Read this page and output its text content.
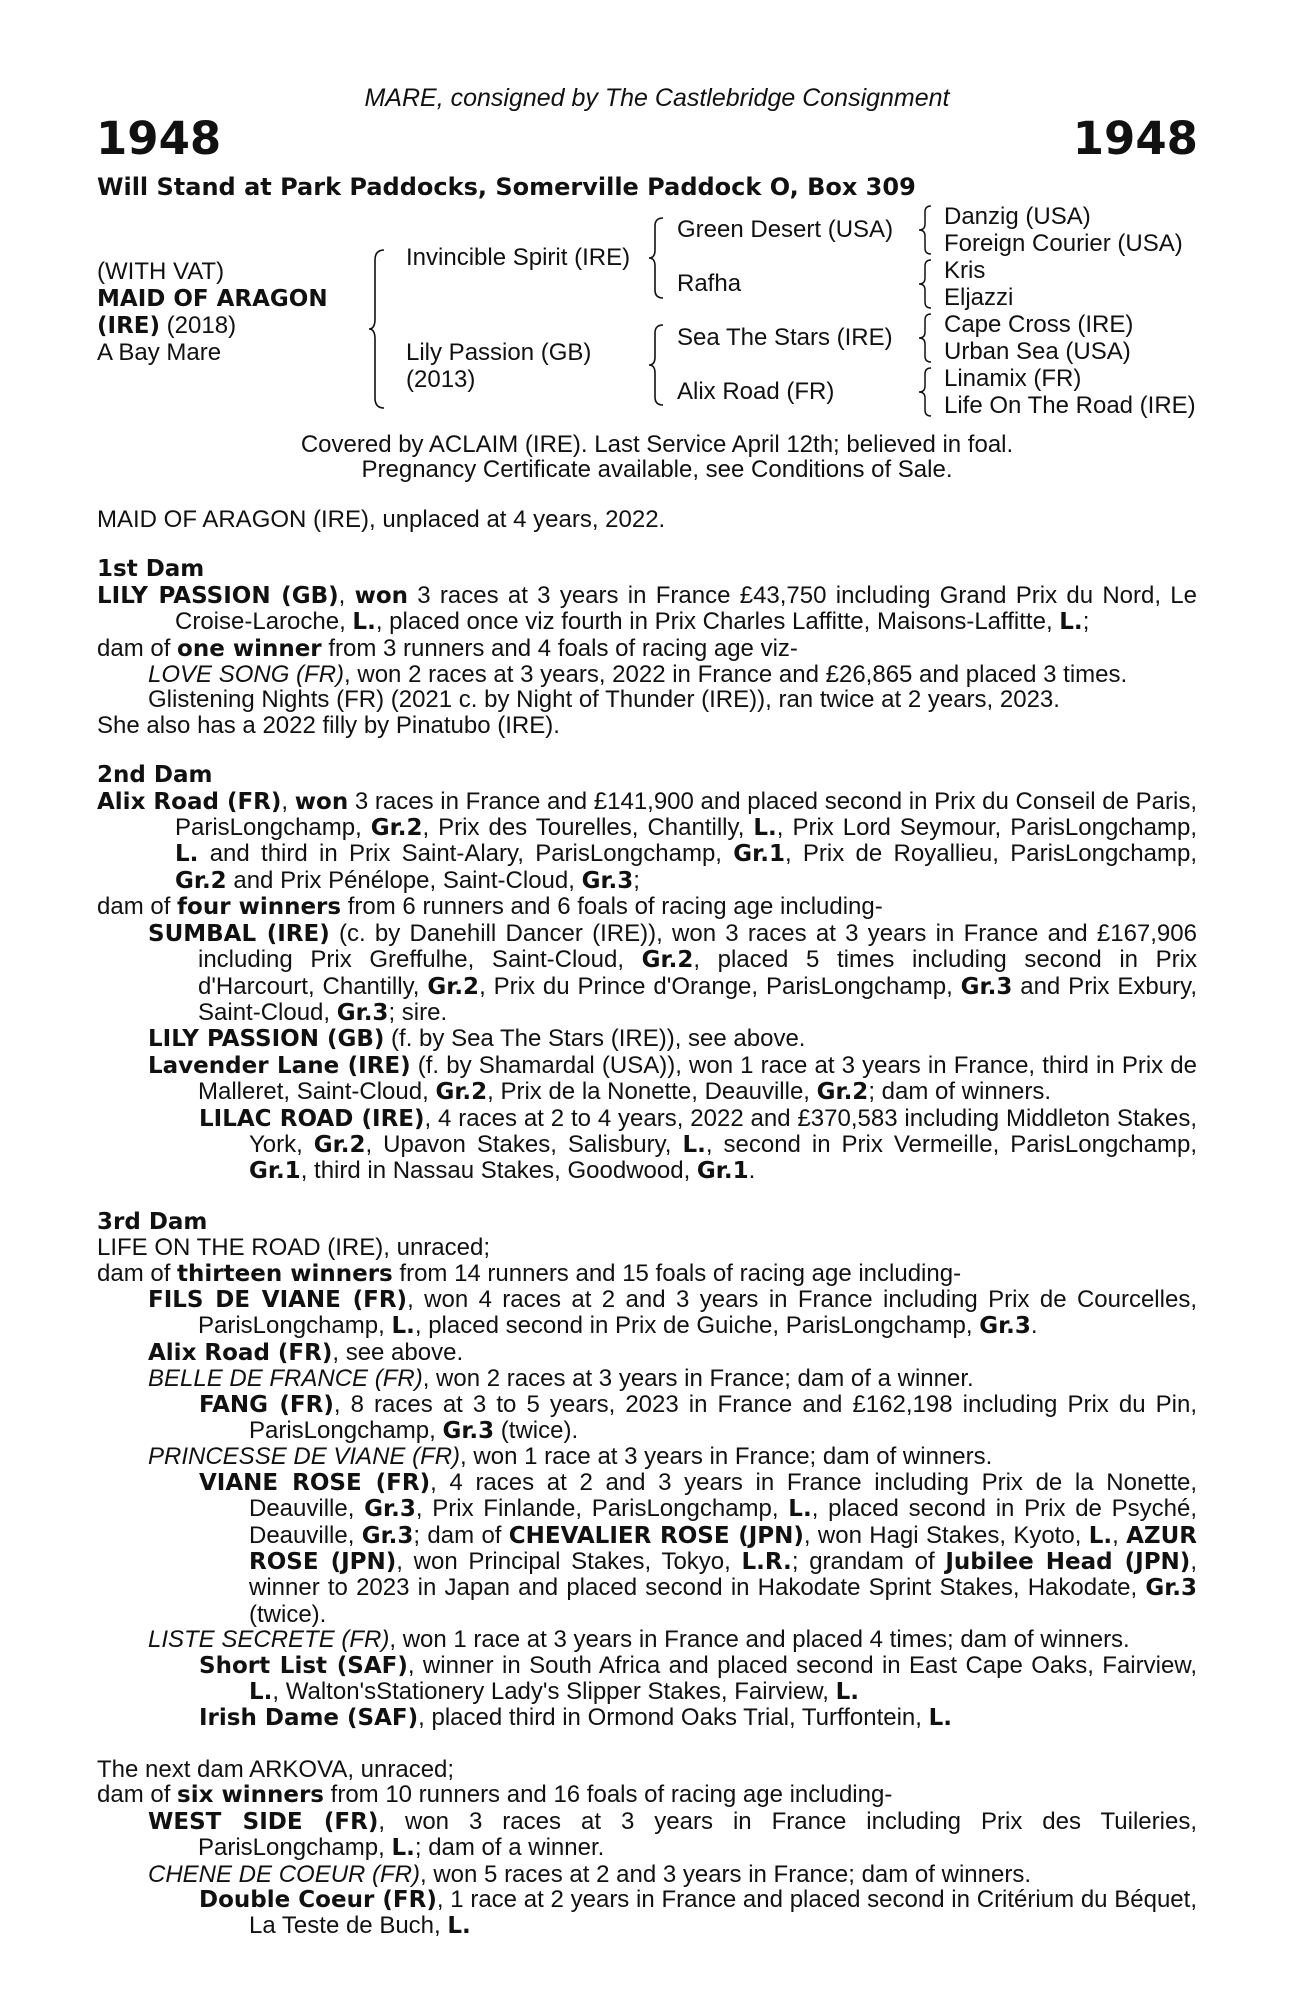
MARE, consigned by The Castlebridge Consignment
1948	1948
Will Stand at Park Paddocks, Somerville Paddock O, Box 309
(WITH VAT)
MAID OF ARAGON
(IRE) (2018)
A Bay Mare
Invincible Spirit (IRE)
Lily Passion (GB)
(2013)
Green Desert (USA)
Rafha
Sea The Stars (IRE)
Alix Road (FR)
Danzig (USA)
Foreign Courier (USA)
Kris
Eljazzi
Cape Cross (IRE)
Urban Sea (USA)
Linamix (FR)
Life On The Road (IRE)
Covered by ACLAIM (IRE). Last Service April 12th; believed in foal.
Pregnancy Certificate available, see Conditions of Sale.
MAID OF ARAGON (IRE), unplaced at 4 years, 2022.
1st Dam
LILY PASSION (GB), won 3 races at 3 years in France £43,750 including Grand Prix du Nord, Le Croise-Laroche, L., placed once viz fourth in Prix Charles Laffitte, Maisons-Laffitte, L.;
dam of one winner from 3 runners and 4 foals of racing age viz-
LOVE SONG (FR), won 2 races at 3 years, 2022 in France and £26,865 and placed 3 times.
Glistening Nights (FR) (2021 c. by Night of Thunder (IRE)), ran twice at 2 years, 2023.
She also has a 2022 filly by Pinatubo (IRE).
2nd Dam
Alix Road (FR), won 3 races in France and £141,900 and placed second in Prix du Conseil de Paris, ParisLongchamp, Gr.2, Prix des Tourelles, Chantilly, L., Prix Lord Seymour, ParisLongchamp, L. and third in Prix Saint-Alary, ParisLongchamp, Gr.1, Prix de Royallieu, ParisLongchamp, Gr.2 and Prix Pénélope, Saint-Cloud, Gr.3;
dam of four winners from 6 runners and 6 foals of racing age including-
SUMBAL (IRE) (c. by Danehill Dancer (IRE)), won 3 races at 3 years in France and £167,906 including Prix Greffulhe, Saint-Cloud, Gr.2, placed 5 times including second in Prix d'Harcourt, Chantilly, Gr.2, Prix du Prince d'Orange, ParisLongchamp, Gr.3 and Prix Exbury, Saint-Cloud, Gr.3; sire.
LILY PASSION (GB) (f. by Sea The Stars (IRE)), see above.
Lavender Lane (IRE) (f. by Shamardal (USA)), won 1 race at 3 years in France, third in Prix de Malleret, Saint-Cloud, Gr.2, Prix de la Nonette, Deauville, Gr.2; dam of winners.
LILAC ROAD (IRE), 4 races at 2 to 4 years, 2022 and £370,583 including Middleton Stakes, York, Gr.2, Upavon Stakes, Salisbury, L., second in Prix Vermeille, ParisLongchamp, Gr.1, third in Nassau Stakes, Goodwood, Gr.1.
3rd Dam
LIFE ON THE ROAD (IRE), unraced;
dam of thirteen winners from 14 runners and 15 foals of racing age including-
FILS DE VIANE (FR), won 4 races at 2 and 3 years in France including Prix de Courcelles, ParisLongchamp, L., placed second in Prix de Guiche, ParisLongchamp, Gr.3.
Alix Road (FR), see above.
BELLE DE FRANCE (FR), won 2 races at 3 years in France; dam of a winner.
FANG (FR), 8 races at 3 to 5 years, 2023 in France and £162,198 including Prix du Pin, ParisLongchamp, Gr.3 (twice).
PRINCESSE DE VIANE (FR), won 1 race at 3 years in France; dam of winners.
VIANE ROSE (FR), 4 races at 2 and 3 years in France including Prix de la Nonette, Deauville, Gr.3, Prix Finlande, ParisLongchamp, L., placed second in Prix de Psyché, Deauville, Gr.3; dam of CHEVALIER ROSE (JPN), won Hagi Stakes, Kyoto, L., AZUR ROSE (JPN), won Principal Stakes, Tokyo, L.R.; grandam of Jubilee Head (JPN), winner to 2023 in Japan and placed second in Hakodate Sprint Stakes, Hakodate, Gr.3 (twice).
LISTE SECRETE (FR), won 1 race at 3 years in France and placed 4 times; dam of winners.
Short List (SAF), winner in South Africa and placed second in East Cape Oaks, Fairview, L., Walton'sStationery Lady's Slipper Stakes, Fairview, L.
Irish Dame (SAF), placed third in Ormond Oaks Trial, Turffontein, L.
The next dam ARKOVA, unraced;
dam of six winners from 10 runners and 16 foals of racing age including-
WEST SIDE (FR), won 3 races at 3 years in France including Prix des Tuileries, ParisLongchamp, L.; dam of a winner.
CHENE DE COEUR (FR), won 5 races at 2 and 3 years in France; dam of winners.
Double Coeur (FR), 1 race at 2 years in France and placed second in Critérium du Béquet, La Teste de Buch, L.
